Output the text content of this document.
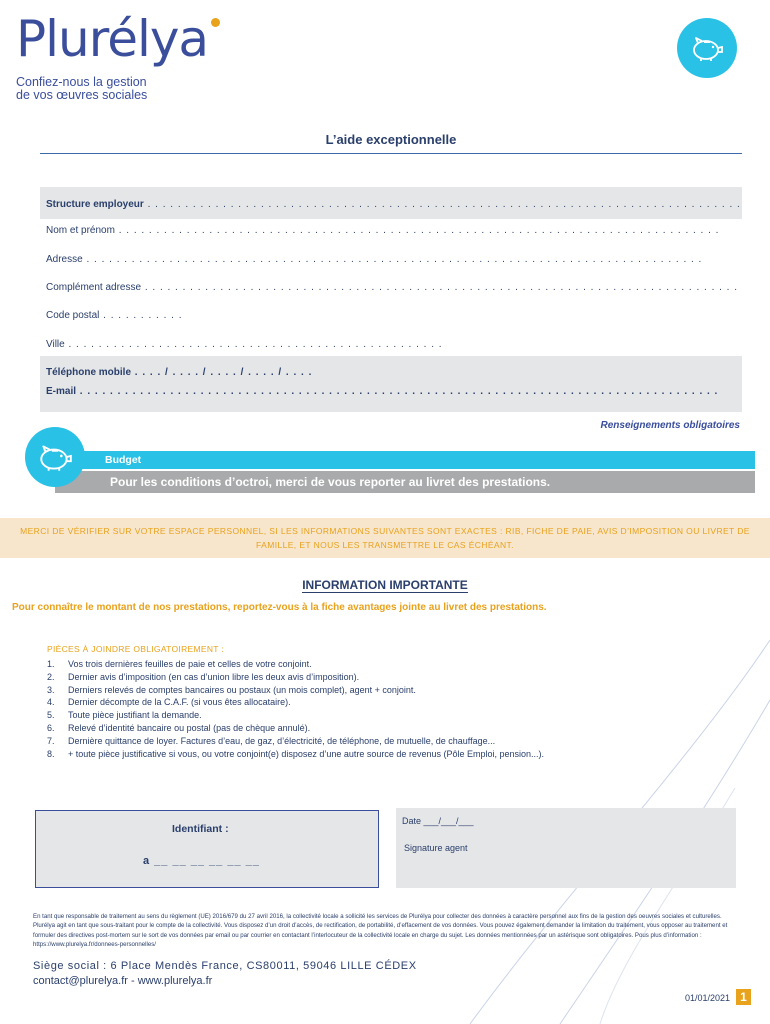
Plurélya
Confiez-nous la gestion
de vos œuvres sociales
L’aide exceptionnelle
Structure employeur . . . . . . . . . . . . . . . . . . . . . . . . . . . . . . . . . . . . . . . . . . . . . . . . . . . . . . . . . . . . . . . . . . . . . . . . . . . . . . .
Nom et prénom . . . . . . . . . . . . . . . . . . . . . . . . . . . . . . . . . . . . . . . . . . . . . . . . . . . . . . . . . . . . . . . . . . . . . . . . . . . . . . . .
Adresse . . . . . . . . . . . . . . . . . . . . . . . . . . . . . . . . . . . . . . . . . . . . . . . . . . . . . . . . . . . . . . . . . . . . . . . . . . . . . . . . . .
Complément adresse . . . . . . . . . . . . . . . . . . . . . . . . . . . . . . . . . . . . . . . . . . . . . . . . . . . . . . . . . . . . . . . . . . . . . . . . . . . . . . .
Code postal . . . . . . . . . . .
Ville . . . . . . . . . . . . . . . . . . . . . . . . . . . . . . . . . . . . . . . . . . . . . . . . . .
Téléphone mobile . . . . / . . . . / . . . . / . . . . / . . . .
E-mail . . . . . . . . . . . . . . . . . . . . . . . . . . . . . . . . . . . . . . . . . . . . . . . . . . . . . . . . . . . . . . . . . . . . . . . . . . . . . . . . . . . . .
Renseignements obligatoires
Budget
Pour les conditions d’octroi, merci de vous reporter au livret des prestations.
MERCI DE VÉRIFIER SUR VOTRE ESPACE PERSONNEL, SI LES INFORMATIONS SUIVANTES SONT EXACTES : RIB, FICHE DE PAIE, AVIS D’IMPOSITION OU LIVRET DE FAMILLE, ET NOUS LES TRANSMETTRE LE CAS ÉCHÉANT.
INFORMATION IMPORTANTE
Pour connaître le montant de nos prestations, reportez-vous à la fiche avantages jointe au livret des prestations.
PIÈCES À JOINDRE OBLIGATOIREMENT :
1.	Vos trois dernières feuilles de paie et celles de votre conjoint.
2.	Dernier avis d’imposition (en cas d’union libre les deux avis d’imposition).
3.	Derniers relevés de comptes bancaires ou postaux (un mois complet), agent + conjoint.
4.	Dernier décompte de la C.A.F. (si vous êtes allocataire).
5.	Toute pièce justifiant la demande.
6.	Relevé d’identité bancaire ou postal (pas de chèque annulé).
7.	Dernière quittance de loyer. Factures d’eau, de gaz, d’électricité, de téléphone, de mutuelle, de chauffage...
8.	+ toute pièce justificative si vous, ou votre conjoint(e) disposez d’une autre source de revenus (Pôle Emploi, pension...).
Identifiant :
a __ __ __ __ __ __
Date ___/___/___
Signature agent
En tant que responsable de traitement au sens du règlement (UE) 2016/679 du 27 avril 2016, la collectivité locale a sollicité les services de Plurélya pour collecter des données à caractère personnel aux fins de la gestion des oeuvres sociales et culturelles. Plurélya agit en tant que sous-traitant pour le compte de la collectivité. Vous disposez d’un droit d’accès, de rectification, de portabilité, d’effacement de vos données. Vous pouvez également demander la limitation du traitement, vous opposer au traitement et formuler des directives post-mortem sur le sort de vos données par email ou par courrier en contactant l’interlocuteur de la collectivité locale en charge du sujet. Les données mentionnées par un astérisque sont obligatoires. Pous plus d’information : https://www.plurelya.fr/donnees-personnelles/
Siège social : 6 Place Mendès France, CS80011, 59046 LILLE CÉDEX
contact@plurelya.fr - www.plurelya.fr
01/01/2021 1
